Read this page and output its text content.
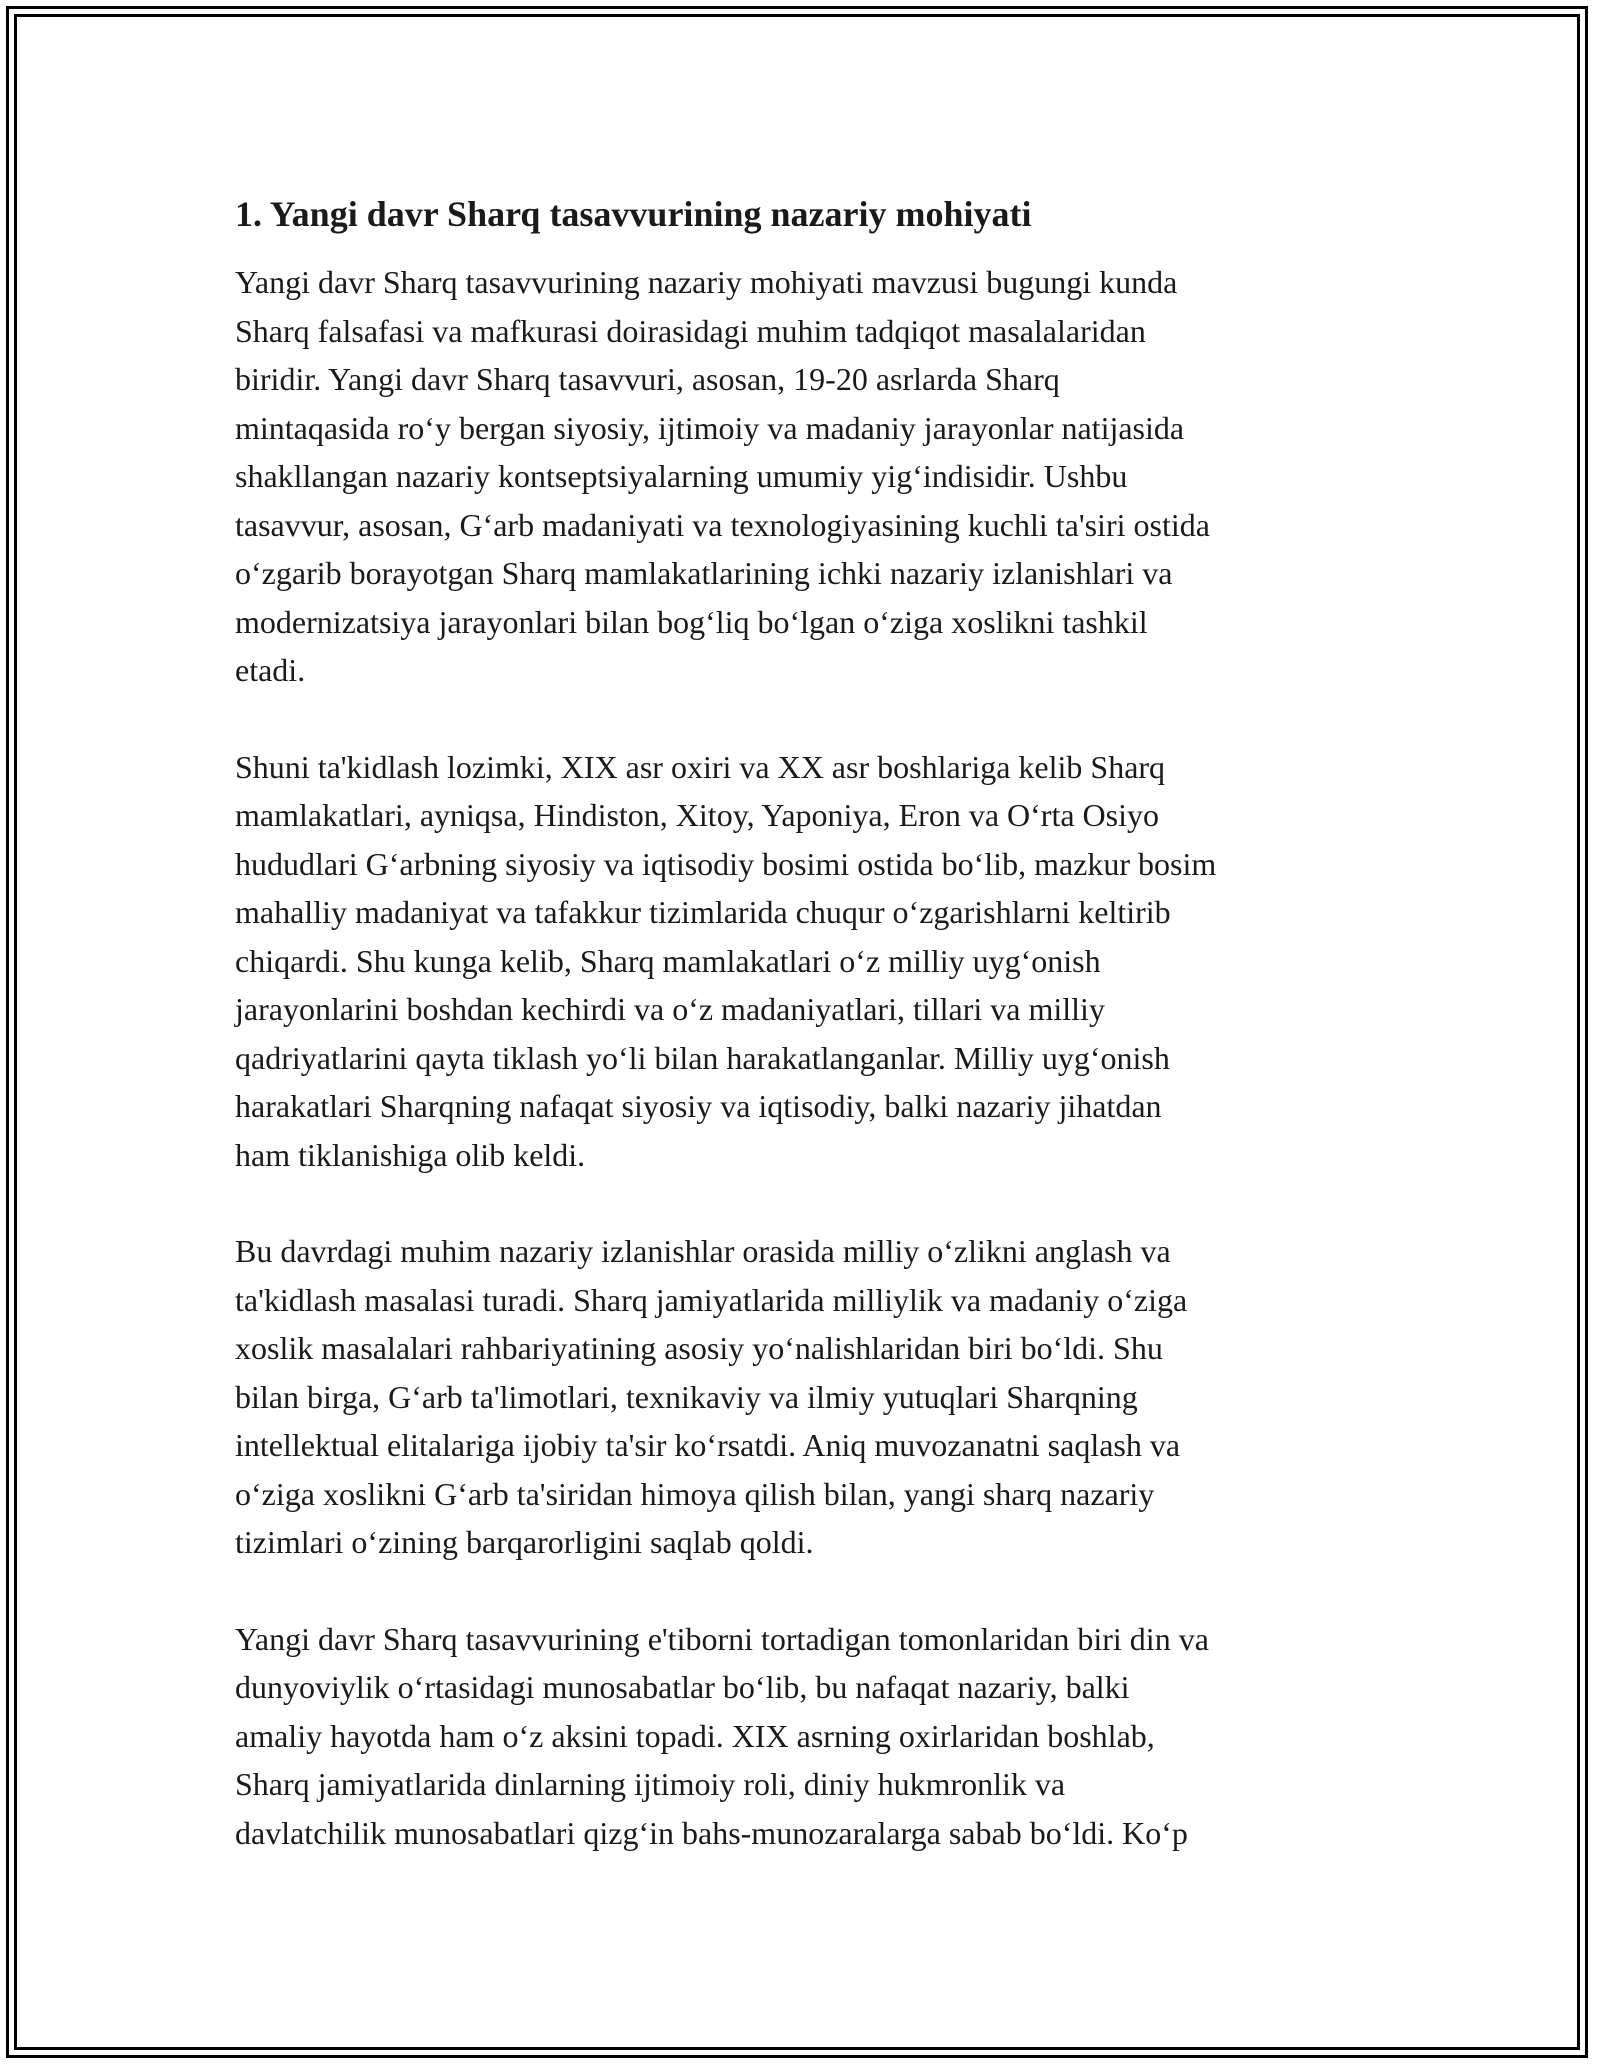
1. Yangi davr Sharq tasavvurining nazariy mohiyati

Yangi davr Sharq tasavvurining nazariy mohiyati mavzusi bugungi kunda
Sharq falsafasi va mafkurasi doirasidagi muhim tadqiqot masalalaridan
biridir. Yangi davr Sharq tasavvuri, asosan, 19-20 asrlarda Sharq
mintaqasida ro‘y bergan siyosiy, ijtimoiy va madaniy jarayonlar natijasida
shakllangan nazariy kontseptsiyalarning umumiy yig‘indisidir. Ushbu
tasavvur, asosan, G‘arb madaniyati va texnologiyasining kuchli ta'siri ostida
o‘zgarib borayotgan Sharq mamlakatlarining ichki nazariy izlanishlari va
modernizatsiya jarayonlari bilan bog‘liq bo‘lgan o‘ziga xoslikni tashkil
etadi.

Shuni ta'kidlash lozimki, XIX asr oxiri va XX asr boshlariga kelib Sharq
mamlakatlari, ayniqsa, Hindiston, Xitoy, Yaponiya, Eron va O‘rta Osiyo
hududlari G‘arbning siyosiy va iqtisodiy bosimi ostida bo‘lib, mazkur bosim
mahalliy madaniyat va tafakkur tizimlarida chuqur o‘zgarishlarni keltirib
chiqardi. Shu kunga kelib, Sharq mamlakatlari o‘z milliy uyg‘onish
jarayonlarini boshdan kechirdi va o‘z madaniyatlari, tillari va milliy
qadriyatlarini qayta tiklash yo‘li bilan harakatlanganlar. Milliy uyg‘onish
harakatlari Sharqning nafaqat siyosiy va iqtisodiy, balki nazariy jihatdan
ham tiklanishiga olib keldi.

Bu davrdagi muhim nazariy izlanishlar orasida milliy o‘zlikni anglash va
ta'kidlash masalasi turadi. Sharq jamiyatlarida milliylik va madaniy o‘ziga
xoslik masalalari rahbariyatining asosiy yo‘nalishlaridan biri bo‘ldi. Shu
bilan birga, G‘arb ta'limotlari, texnikaviy va ilmiy yutuqlari Sharqning
intellektual elitalariga ijobiy ta'sir ko‘rsatdi. Aniq muvozanatni saqlash va
o‘ziga xoslikni G‘arb ta'siridan himoya qilish bilan, yangi sharq nazariy
tizimlari o‘zining barqarorligini saqlab qoldi.

Yangi davr Sharq tasavvurining e'tiborni tortadigan tomonlaridan biri din va
dunyoviylik o‘rtasidagi munosabatlar bo‘lib, bu nafaqat nazariy, balki
amaliy hayotda ham o‘z aksini topadi. XIX asrning oxirlaridan boshlab,
Sharq jamiyatlarida dinlarning ijtimoiy roli, diniy hukmronlik va
davlatchilik munosabatlari qizg‘in bahs-munozaralarga sabab bo‘ldi. Ko‘p
